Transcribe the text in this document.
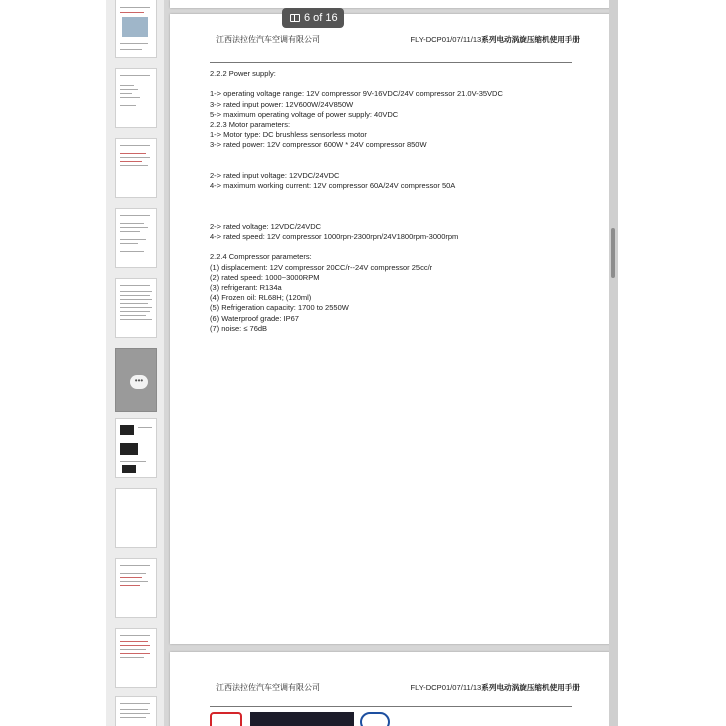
•••
江西法拉佐汽车空调有限公司	FLY-DCP01/07/11/13系列电动涡旋压缩机使用手册
2.2.2 Power supply:
1-> operating voltage range: 12V compressor 9V-16VDC/24V compressor 21.0V-35VDC
3-> rated input power: 12V600W/24V850W
5-> maximum operating voltage of power supply: 40VDC
2.2.3 Motor parameters:
1-> Motor type: DC brushless sensorless motor
3-> rated power: 12V compressor 600W * 24V compressor 850W
2-> rated input voltage: 12VDC/24VDC
4-> maximum working current: 12V compressor 60A/24V compressor 50A
2-> rated voltage: 12VDC/24VDC
4-> rated speed: 12V compressor 1000rpn-2300rpn/24V1800rpm-3000rpm
2.2.4 Compressor parameters:
(1) displacement: 12V compressor 20CC/r--24V compressor 25cc/r
(2) rated speed: 1000~3000RPM
(3) refrigerant: R134a
(4) Frozen oil: RL68H; (120ml)
(5) Refrigeration capacity: 1700 to 2550W
(6) Waterproof grade: IP67
(7) noise: ≤ 76dB
江西法拉佐汽车空调有限公司	FLY-DCP01/07/11/13系列电动涡旋压缩机使用手册
6 of 16
